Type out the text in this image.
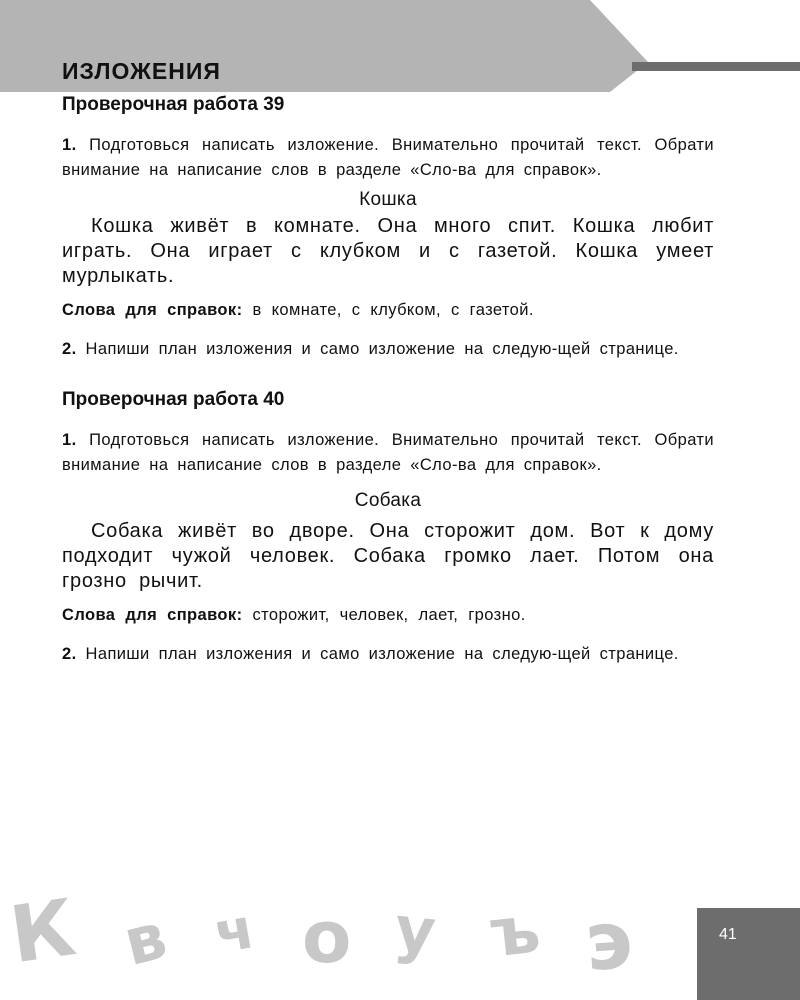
ИЗЛОЖЕНИЯ
Проверочная работа 39

1. Подготовься написать изложение. Внимательно прочитай текст. Обрати внимание на написание слов в разделе «Сло-ва для справок».

Кошка

Кошка живёт в комнате. Она много спит. Кошка любит играть. Она играет с клубком и с газетой. Кошка умеет мурлыкать.

Слова для справок: в комнате, с клубком, с газетой.

2. Напиши план изложения и само изложение на следую-щей странице.

Проверочная работа 40

1. Подготовься написать изложение. Внимательно прочитай текст. Обрати внимание на написание слов в разделе «Сло-ва для справок».

Собака

Собака живёт во дворе. Она сторожит дом. Вот к дому подходит чужой человек. Собака громко лает. Потом она грозно рычит.

Слова для справок: сторожит, человек, лает, грозно.

2. Напиши план изложения и само изложение на следую-щей странице.

К в ч о у ъ э	41
